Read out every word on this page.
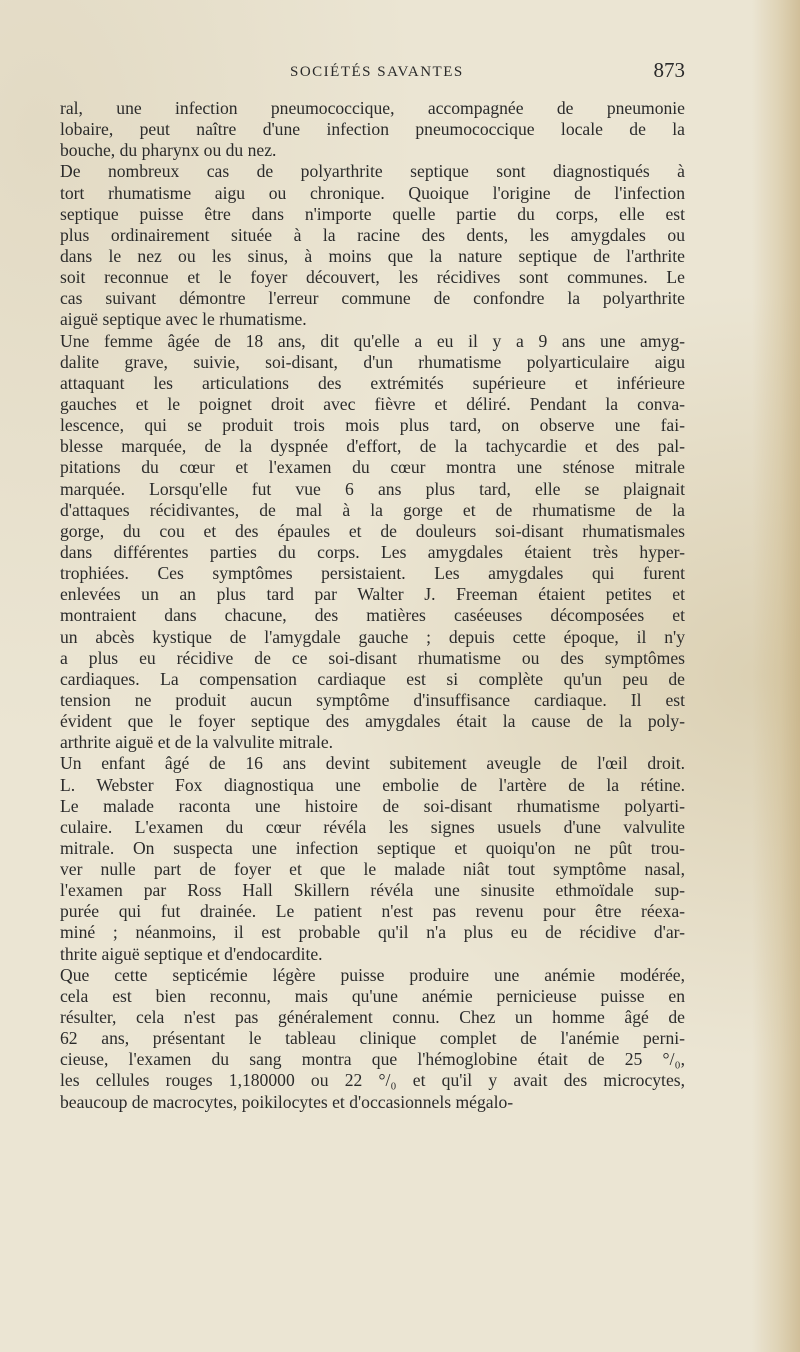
SOCIÉTÉS SAVANTES	873
ral, une infection pneumococcique, accompagnée de pneumonie
lobaire, peut naître d'une infection pneumococcique locale de la
bouche, du pharynx ou du nez.
De nombreux cas de polyarthrite septique sont diagnostiqués à
tort rhumatisme aigu ou chronique. Quoique l'origine de l'infection
septique puisse être dans n'importe quelle partie du corps, elle est
plus ordinairement située à la racine des dents, les amygdales ou
dans le nez ou les sinus, à moins que la nature septique de l'arthrite
soit reconnue et le foyer découvert, les récidives sont communes. Le
cas suivant démontre l'erreur commune de confondre la polyarthrite
aiguë septique avec le rhumatisme.
Une femme âgée de 18 ans, dit qu'elle a eu il y a 9 ans une amyg-
dalite grave, suivie, soi-disant, d'un rhumatisme polyarticulaire aigu
attaquant les articulations des extrémités supérieure et inférieure
gauches et le poignet droit avec fièvre et déliré. Pendant la conva-
lescence, qui se produit trois mois plus tard, on observe une fai-
blesse marquée, de la dyspnée d'effort, de la tachycardie et des pal-
pitations du cœur et l'examen du cœur montra une sténose mitrale
marquée. Lorsqu'elle fut vue 6 ans plus tard, elle se plaignait
d'attaques récidivantes, de mal à la gorge et de rhumatisme de la
gorge, du cou et des épaules et de douleurs soi-disant rhumatismales
dans différentes parties du corps. Les amygdales étaient très hyper-
trophiées. Ces symptômes persistaient. Les amygdales qui furent
enlevées un an plus tard par Walter J. Freeman étaient petites et
montraient dans chacune, des matières caséeuses décomposées et
un abcès kystique de l'amygdale gauche ; depuis cette époque, il n'y
a plus eu récidive de ce soi-disant rhumatisme ou des symptômes
cardiaques. La compensation cardiaque est si complète qu'un peu de
tension ne produit aucun symptôme d'insuffisance cardiaque. Il est
évident que le foyer septique des amygdales était la cause de la poly-
arthrite aiguë et de la valvulite mitrale.
Un enfant âgé de 16 ans devint subitement aveugle de l'œil droit.
L. Webster Fox diagnostiqua une embolie de l'artère de la rétine.
Le malade raconta une histoire de soi-disant rhumatisme polyarti-
culaire. L'examen du cœur révéla les signes usuels d'une valvulite
mitrale. On suspecta une infection septique et quoiqu'on ne pût trou-
ver nulle part de foyer et que le malade niât tout symptôme nasal,
l'examen par Ross Hall Skillern révéla une sinusite ethmoïdale sup-
purée qui fut drainée. Le patient n'est pas revenu pour être réexa-
miné ; néanmoins, il est probable qu'il n'a plus eu de récidive d'ar-
thrite aiguë septique et d'endocardite.
Que cette septicémie légère puisse produire une anémie modérée,
cela est bien reconnu, mais qu'une anémie pernicieuse puisse en
résulter, cela n'est pas généralement connu. Chez un homme âgé de
62 ans, présentant le tableau clinique complet de l'anémie perni-
cieuse, l'examen du sang montra que l'hémoglobine était de 25 °/₀,
les cellules rouges 1,180000 ou 22 °/₀ et qu'il y avait des microcytes,
beaucoup de macrocytes, poikilocytes et d'occasionnels mégalo-
